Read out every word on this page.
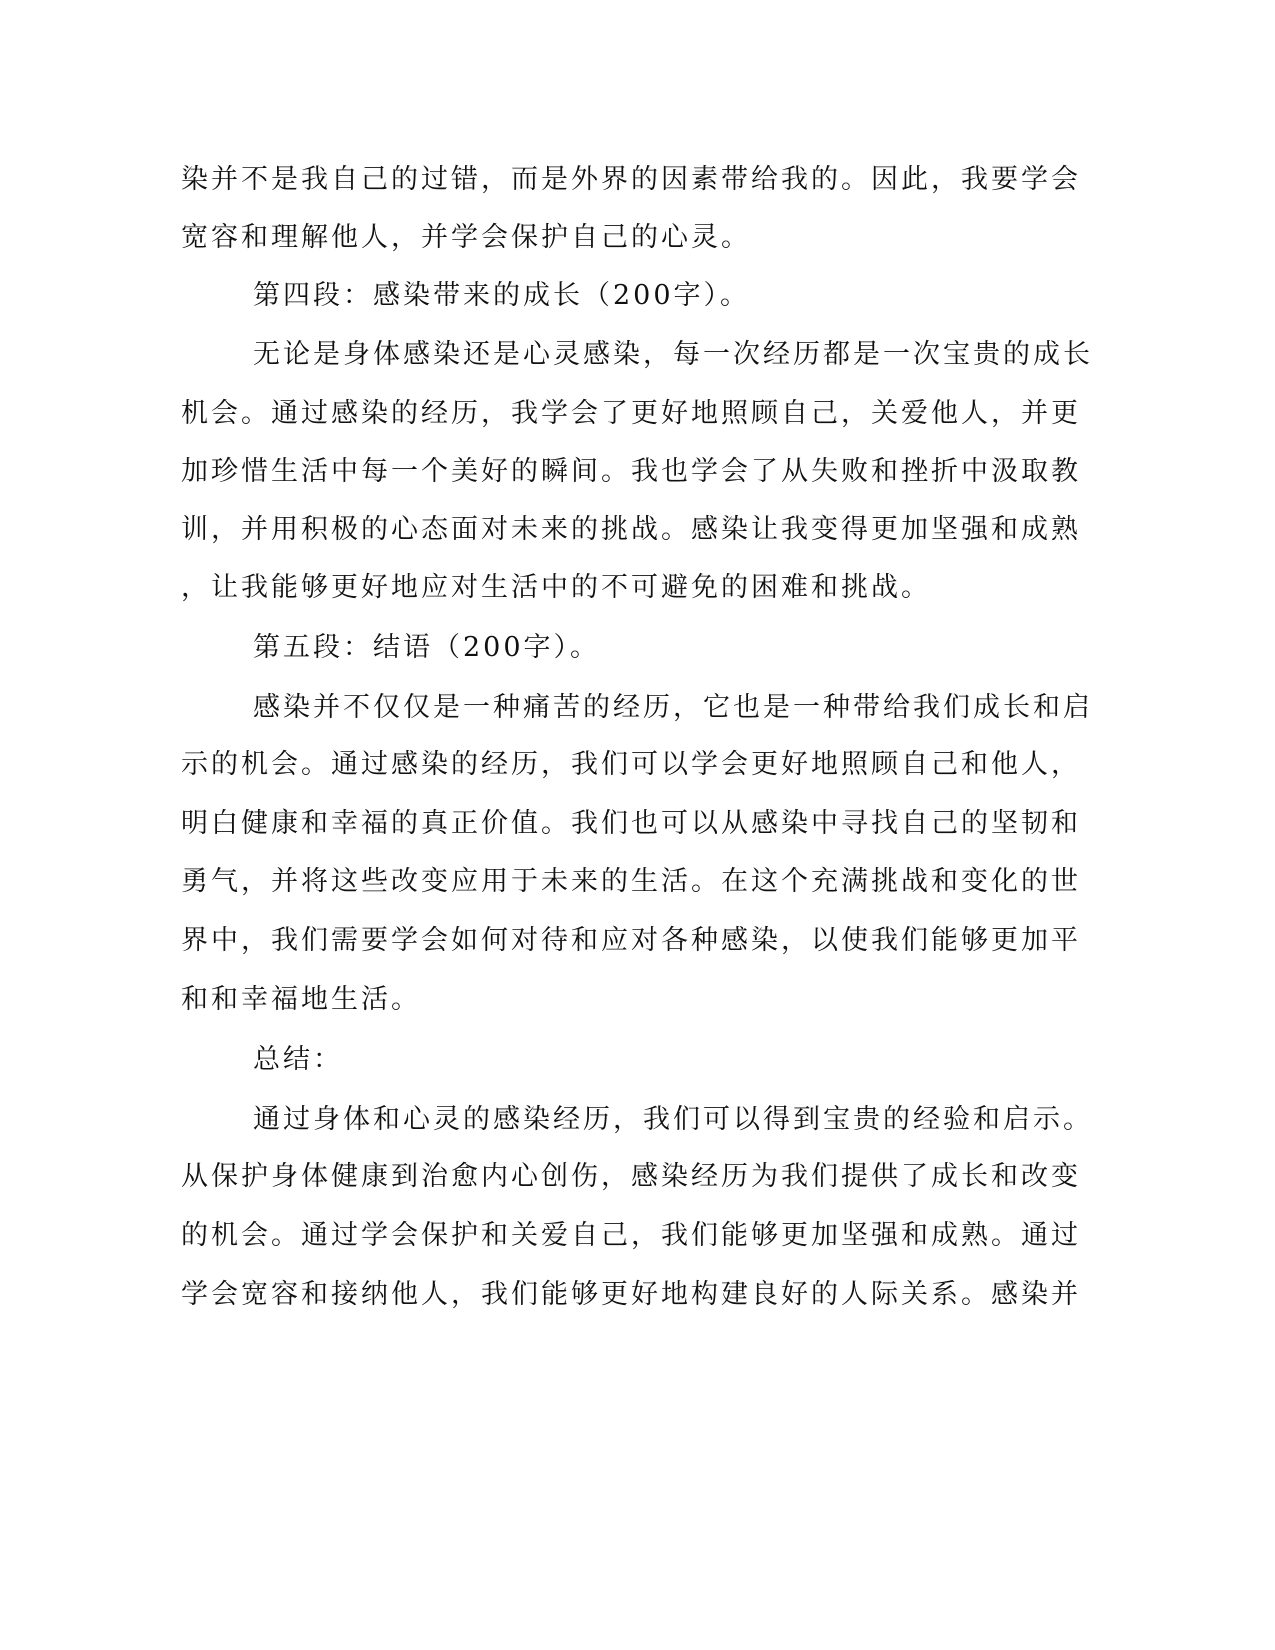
染并不是我自己的过错，而是外界的因素带给我的。因此，我要学会
宽容和理解他人，并学会保护自己的心灵。
第四段：感染带来的成长（200字）。
无论是身体感染还是心灵感染，每一次经历都是一次宝贵的成长
机会。通过感染的经历，我学会了更好地照顾自己，关爱他人，并更
加珍惜生活中每一个美好的瞬间。我也学会了从失败和挫折中汲取教
训，并用积极的心态面对未来的挑战。感染让我变得更加坚强和成熟
，让我能够更好地应对生活中的不可避免的困难和挑战。
第五段：结语（200字）。
感染并不仅仅是一种痛苦的经历，它也是一种带给我们成长和启
示的机会。通过感染的经历，我们可以学会更好地照顾自己和他人，
明白健康和幸福的真正价值。我们也可以从感染中寻找自己的坚韧和
勇气，并将这些改变应用于未来的生活。在这个充满挑战和变化的世
界中，我们需要学会如何对待和应对各种感染，以使我们能够更加平
和和幸福地生活。
总结：
通过身体和心灵的感染经历，我们可以得到宝贵的经验和启示。
从保护身体健康到治愈内心创伤，感染经历为我们提供了成长和改变
的机会。通过学会保护和关爱自己，我们能够更加坚强和成熟。通过
学会宽容和接纳他人，我们能够更好地构建良好的人际关系。感染并
